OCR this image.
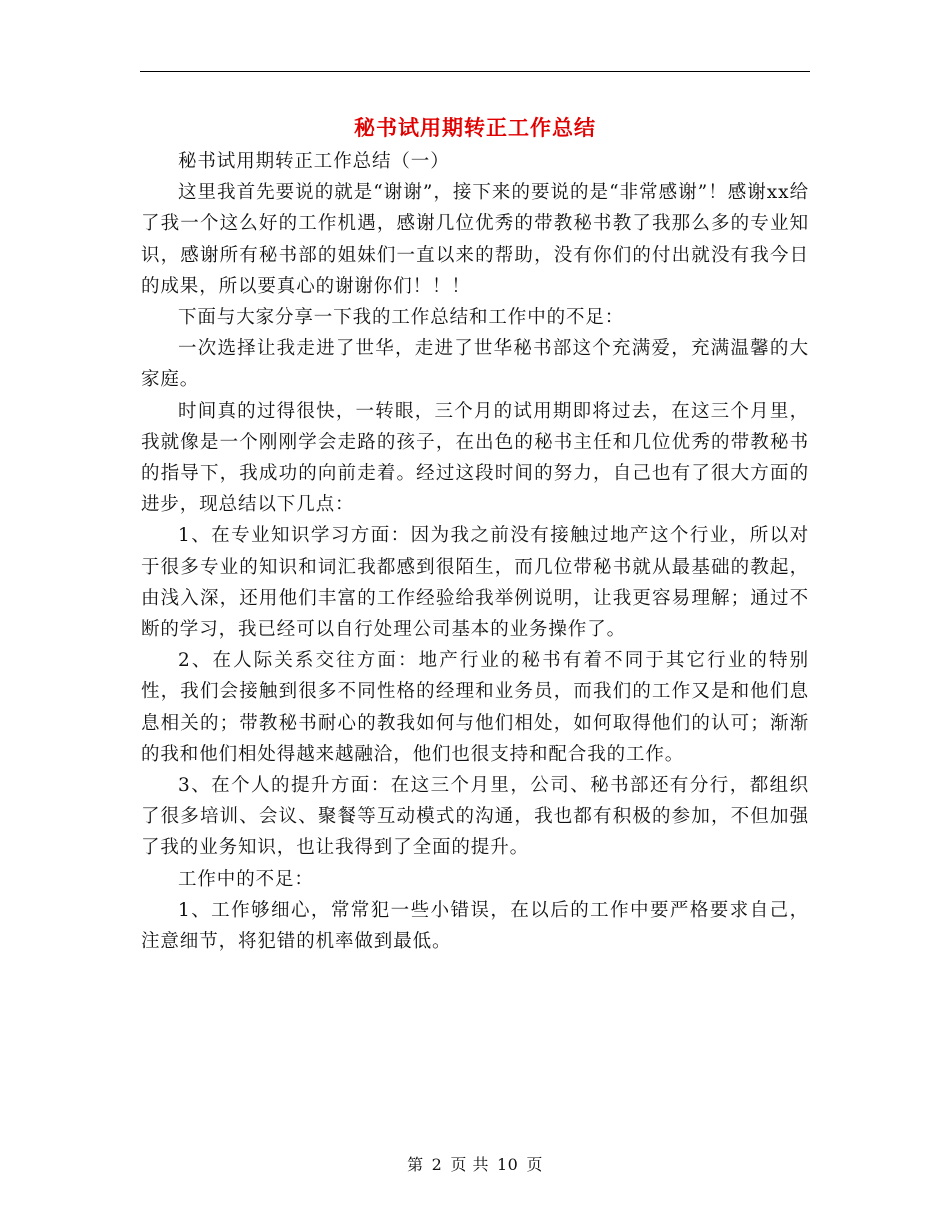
秘书试用期转正工作总结

秘书试用期转正工作总结（一）

这里我首先要说的就是“谢谢”，接下来的要说的是“非常感谢”！感谢xx给了我一个这么好的工作机遇，感谢几位优秀的带教秘书教了我那么多的专业知识，感谢所有秘书部的姐妹们一直以来的帮助，没有你们的付出就没有我今日的成果，所以要真心的谢谢你们！！！

下面与大家分享一下我的工作总结和工作中的不足：

一次选择让我走进了世华，走进了世华秘书部这个充满爱，充满温馨的大家庭。

时间真的过得很快，一转眼，三个月的试用期即将过去，在这三个月里，我就像是一个刚刚学会走路的孩子，在出色的秘书主任和几位优秀的带教秘书的指导下，我成功的向前走着。经过这段时间的努力，自己也有了很大方面的进步，现总结以下几点：

1、在专业知识学习方面：因为我之前没有接触过地产这个行业，所以对于很多专业的知识和词汇我都感到很陌生，而几位带秘书就从最基础的教起，由浅入深，还用他们丰富的工作经验给我举例说明，让我更容易理解；通过不断的学习，我已经可以自行处理公司基本的业务操作了。

2、在人际关系交往方面：地产行业的秘书有着不同于其它行业的特别性，我们会接触到很多不同性格的经理和业务员，而我们的工作又是和他们息息相关的；带教秘书耐心的教我如何与他们相处，如何取得他们的认可；渐渐的我和他们相处得越来越融洽，他们也很支持和配合我的工作。

3、在个人的提升方面：在这三个月里，公司、秘书部还有分行，都组织了很多培训、会议、聚餐等互动模式的沟通，我也都有积极的参加，不但加强了我的业务知识，也让我得到了全面的提升。

工作中的不足：

1、工作够细心，常常犯一些小错误，在以后的工作中要严格要求自己，注意细节，将犯错的机率做到最低。

第 2 页 共 10 页
